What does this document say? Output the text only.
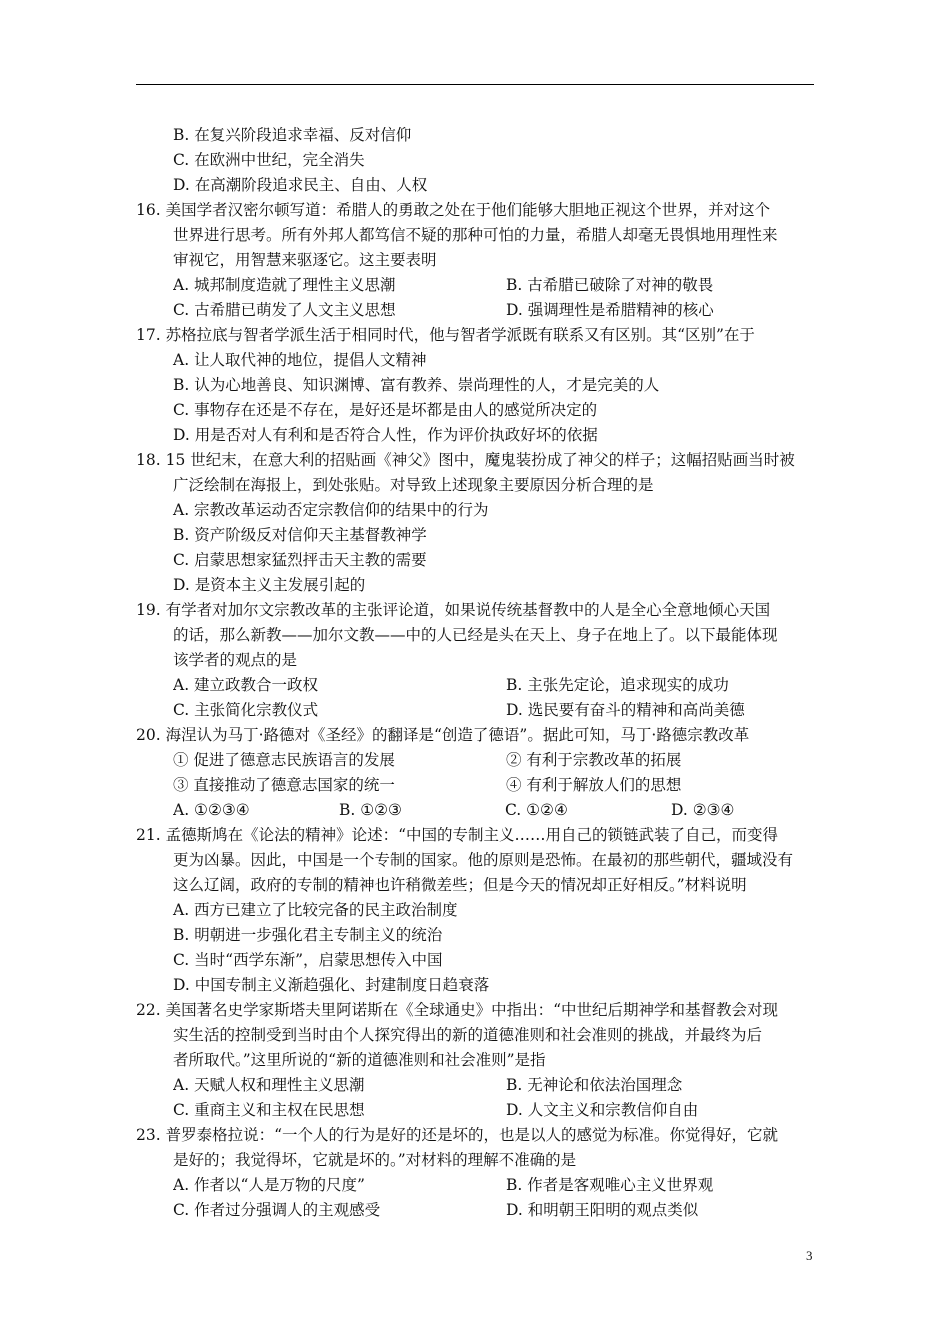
B. 在复兴阶段追求幸福、反对信仰
C. 在欧洲中世纪，完全消失
D. 在高潮阶段追求民主、自由、人权
16. 美国学者汉密尔顿写道：希腊人的勇敢之处在于他们能够大胆地正视这个世界，并对这个
世界进行思考。所有外邦人都笃信不疑的那种可怕的力量，希腊人却毫无畏惧地用理性来
审视它，用智慧来驱逐它。这主要表明
A. 城邦制度造就了理性主义思潮	B. 古希腊已破除了对神的敬畏
C. 古希腊已萌发了人文主义思想	D. 强调理性是希腊精神的核心
17. 苏格拉底与智者学派生活于相同时代，他与智者学派既有联系又有区别。其“区别”在于
A. 让人取代神的地位，提倡人文精神
B. 认为心地善良、知识渊博、富有教养、崇尚理性的人，才是完美的人
C. 事物存在还是不存在，是好还是坏都是由人的感觉所决定的
D. 用是否对人有利和是否符合人性，作为评价执政好坏的依据
18. 15 世纪末，在意大利的招贴画《神父》图中，魔鬼装扮成了神父的样子；这幅招贴画当时被
广泛绘制在海报上，到处张贴。对导致上述现象主要原因分析合理的是
A. 宗教改革运动否定宗教信仰的结果中的行为
B. 资产阶级反对信仰天主基督教神学
C. 启蒙思想家猛烈抨击天主教的需要
D. 是资本主义主发展引起的
19. 有学者对加尔文宗教改革的主张评论道，如果说传统基督教中的人是全心全意地倾心天国
的话，那么新教——加尔文教——中的人已经是头在天上、身子在地上了。以下最能体现
该学者的观点的是
A. 建立政教合一政权	B. 主张先定论，追求现实的成功
C. 主张简化宗教仪式	D. 选民要有奋斗的精神和高尚美德
20. 海涅认为马丁·路德对《圣经》的翻译是“创造了德语”。据此可知，马丁·路德宗教改革
① 促进了德意志民族语言的发展	② 有利于宗教改革的拓展
③ 直接推动了德意志国家的统一	④ 有利于解放人们的思想
A. ①②③④	B. ①②③	C. ①②④	D. ②③④
21. 孟德斯鸠在《论法的精神》论述：“中国的专制主义……用自己的锁链武装了自己，而变得
更为凶暴。因此，中国是一个专制的国家。他的原则是恐怖。在最初的那些朝代，疆域没有
这么辽阔，政府的专制的精神也许稍微差些；但是今天的情况却正好相反。”材料说明
A. 西方已建立了比较完备的民主政治制度
B. 明朝进一步强化君主专制主义的统治
C. 当时“西学东渐”，启蒙思想传入中国
D. 中国专制主义渐趋强化、封建制度日趋衰落
22. 美国著名史学家斯塔夫里阿诺斯在《全球通史》中指出：“中世纪后期神学和基督教会对现
实生活的控制受到当时由个人探究得出的新的道德准则和社会准则的挑战，并最终为后
者所取代。”这里所说的“新的道德准则和社会准则”是指
A. 天赋人权和理性主义思潮	B. 无神论和依法治国理念
C. 重商主义和主权在民思想	D. 人文主义和宗教信仰自由
23. 普罗泰格拉说：“一个人的行为是好的还是坏的，也是以人的感觉为标准。你觉得好，它就
是好的；我觉得坏，它就是坏的。”对材料的理解不准确的是
A. 作者以“人是万物的尺度”	B. 作者是客观唯心主义世界观
C. 作者过分强调人的主观感受	D. 和明朝王阳明的观点类似
3
